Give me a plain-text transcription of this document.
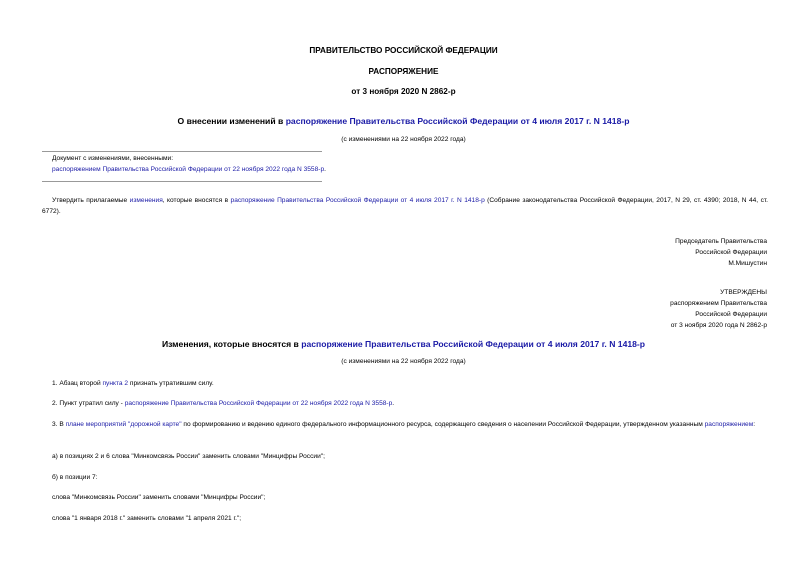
ПРАВИТЕЛЬСТВО РОССИЙСКОЙ ФЕДЕРАЦИИ
РАСПОРЯЖЕНИЕ
от 3 ноября 2020 N 2862-р
О внесении изменений в распоряжение Правительства Российской Федерации от 4 июля 2017 г. N 1418-р
(с изменениями на 22 ноября 2022 года)
Документ с изменениями, внесенными:
распоряжением Правительства Российской Федерации от 22 ноября 2022 года N 3558-р.
Утвердить прилагаемые изменения, которые вносятся в распоряжение Правительства Российской Федерации от 4 июля 2017 г. N 1418-р (Собрание законодательства Российской Федерации, 2017, N 29, ст. 4390; 2018, N 44, ст. 6772).
Председатель Правительства
Российской Федерации
М.Мишустин
УТВЕРЖДЕНЫ
распоряжением Правительства
Российской Федерации
от 3 ноября 2020 года N 2862-р
Изменения, которые вносятся в распоряжение Правительства Российской Федерации от 4 июля 2017 г. N 1418-р
(с изменениями на 22 ноября 2022 года)
1. Абзац второй пункта 2 признать утратившим силу.
2. Пункт утратил силу - распоряжение Правительства Российской Федерации от 22 ноября 2022 года N 3558-р.
3. В плане мероприятий "дорожной карте" по формированию и ведению единого федерального информационного ресурса, содержащего сведения о населении Российской Федерации, утвержденном указанным распоряжением:
а) в позициях 2 и 6 слова "Минкомсвязь России" заменить словами "Минцифры России";
б) в позиции 7:
слова "Минкомсвязь России" заменить словами "Минцифры России";
слова "1 января 2018 г." заменить словами "1 апреля 2021 г.";
